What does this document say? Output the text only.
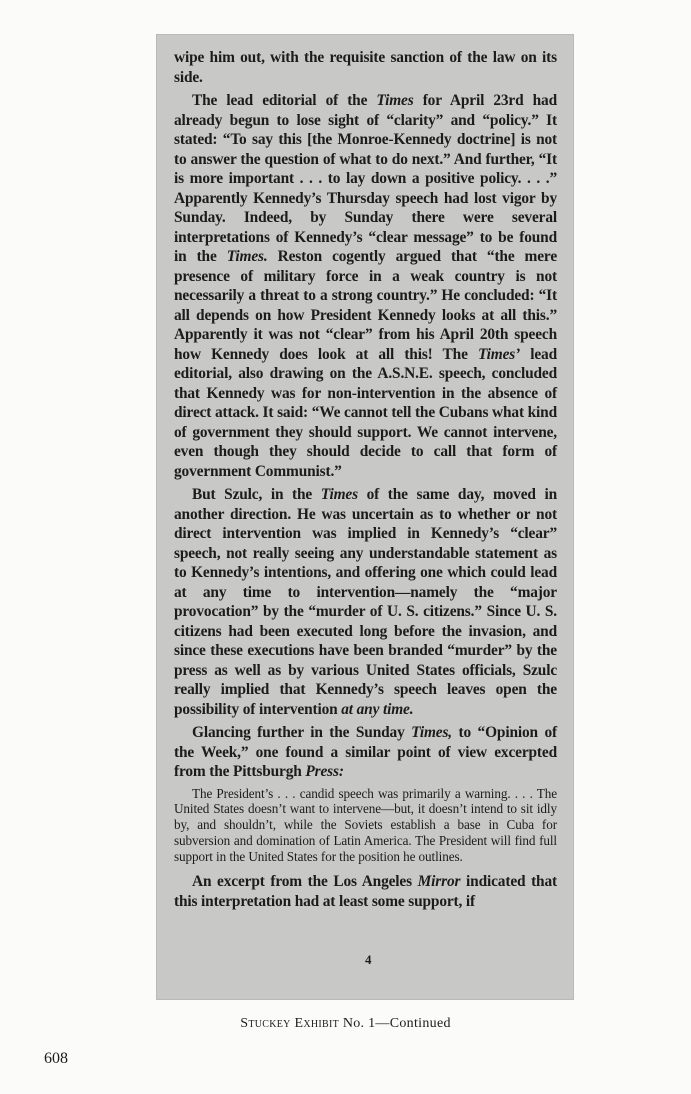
wipe him out, with the requisite sanction of the law on its side.

The lead editorial of the Times for April 23rd had already begun to lose sight of “clarity” and “policy.” It stated: “To say this [the Monroe-Kennedy doctrine] is not to answer the question of what to do next.” And further, “It is more important . . . to lay down a positive policy. . . .” Apparently Kennedy’s Thursday speech had lost vigor by Sunday. Indeed, by Sunday there were several interpretations of Kennedy’s “clear message” to be found in the Times. Reston cogently argued that “the mere presence of military force in a weak country is not necessarily a threat to a strong country.” He concluded: “It all depends on how President Kennedy looks at all this.” Apparently it was not “clear” from his April 20th speech how Kennedy does look at all this! The Times’ lead editorial, also drawing on the A.S.N.E. speech, concluded that Kennedy was for non-intervention in the absence of direct attack. It said: “We cannot tell the Cubans what kind of government they should support. We cannot intervene, even though they should decide to call that form of government Communist.”

But Szulc, in the Times of the same day, moved in another direction. He was uncertain as to whether or not direct intervention was implied in Kennedy’s “clear” speech, not really seeing any understandable statement as to Kennedy’s intentions, and offering one which could lead at any time to intervention—namely the “major provocation” by the “murder of U. S. citizens.” Since U. S. citizens had been executed long before the invasion, and since these executions have been branded “murder” by the press as well as by various United States officials, Szulc really implied that Kennedy’s speech leaves open the possibility of intervention at any time.

Glancing further in the Sunday Times, to “Opinion of the Week,” one found a similar point of view excerpted from the Pittsburgh Press:

The President’s . . . candid speech was primarily a warning. . . . The United States doesn’t want to intervene—but, it doesn’t intend to sit idly by, and shouldn’t, while the Soviets establish a base in Cuba for subversion and domination of Latin America. The President will find full support in the United States for the position he outlines.

An excerpt from the Los Angeles Mirror indicated that this interpretation had at least some support, if

4
Stuckey Exhibit No. 1—Continued
608
